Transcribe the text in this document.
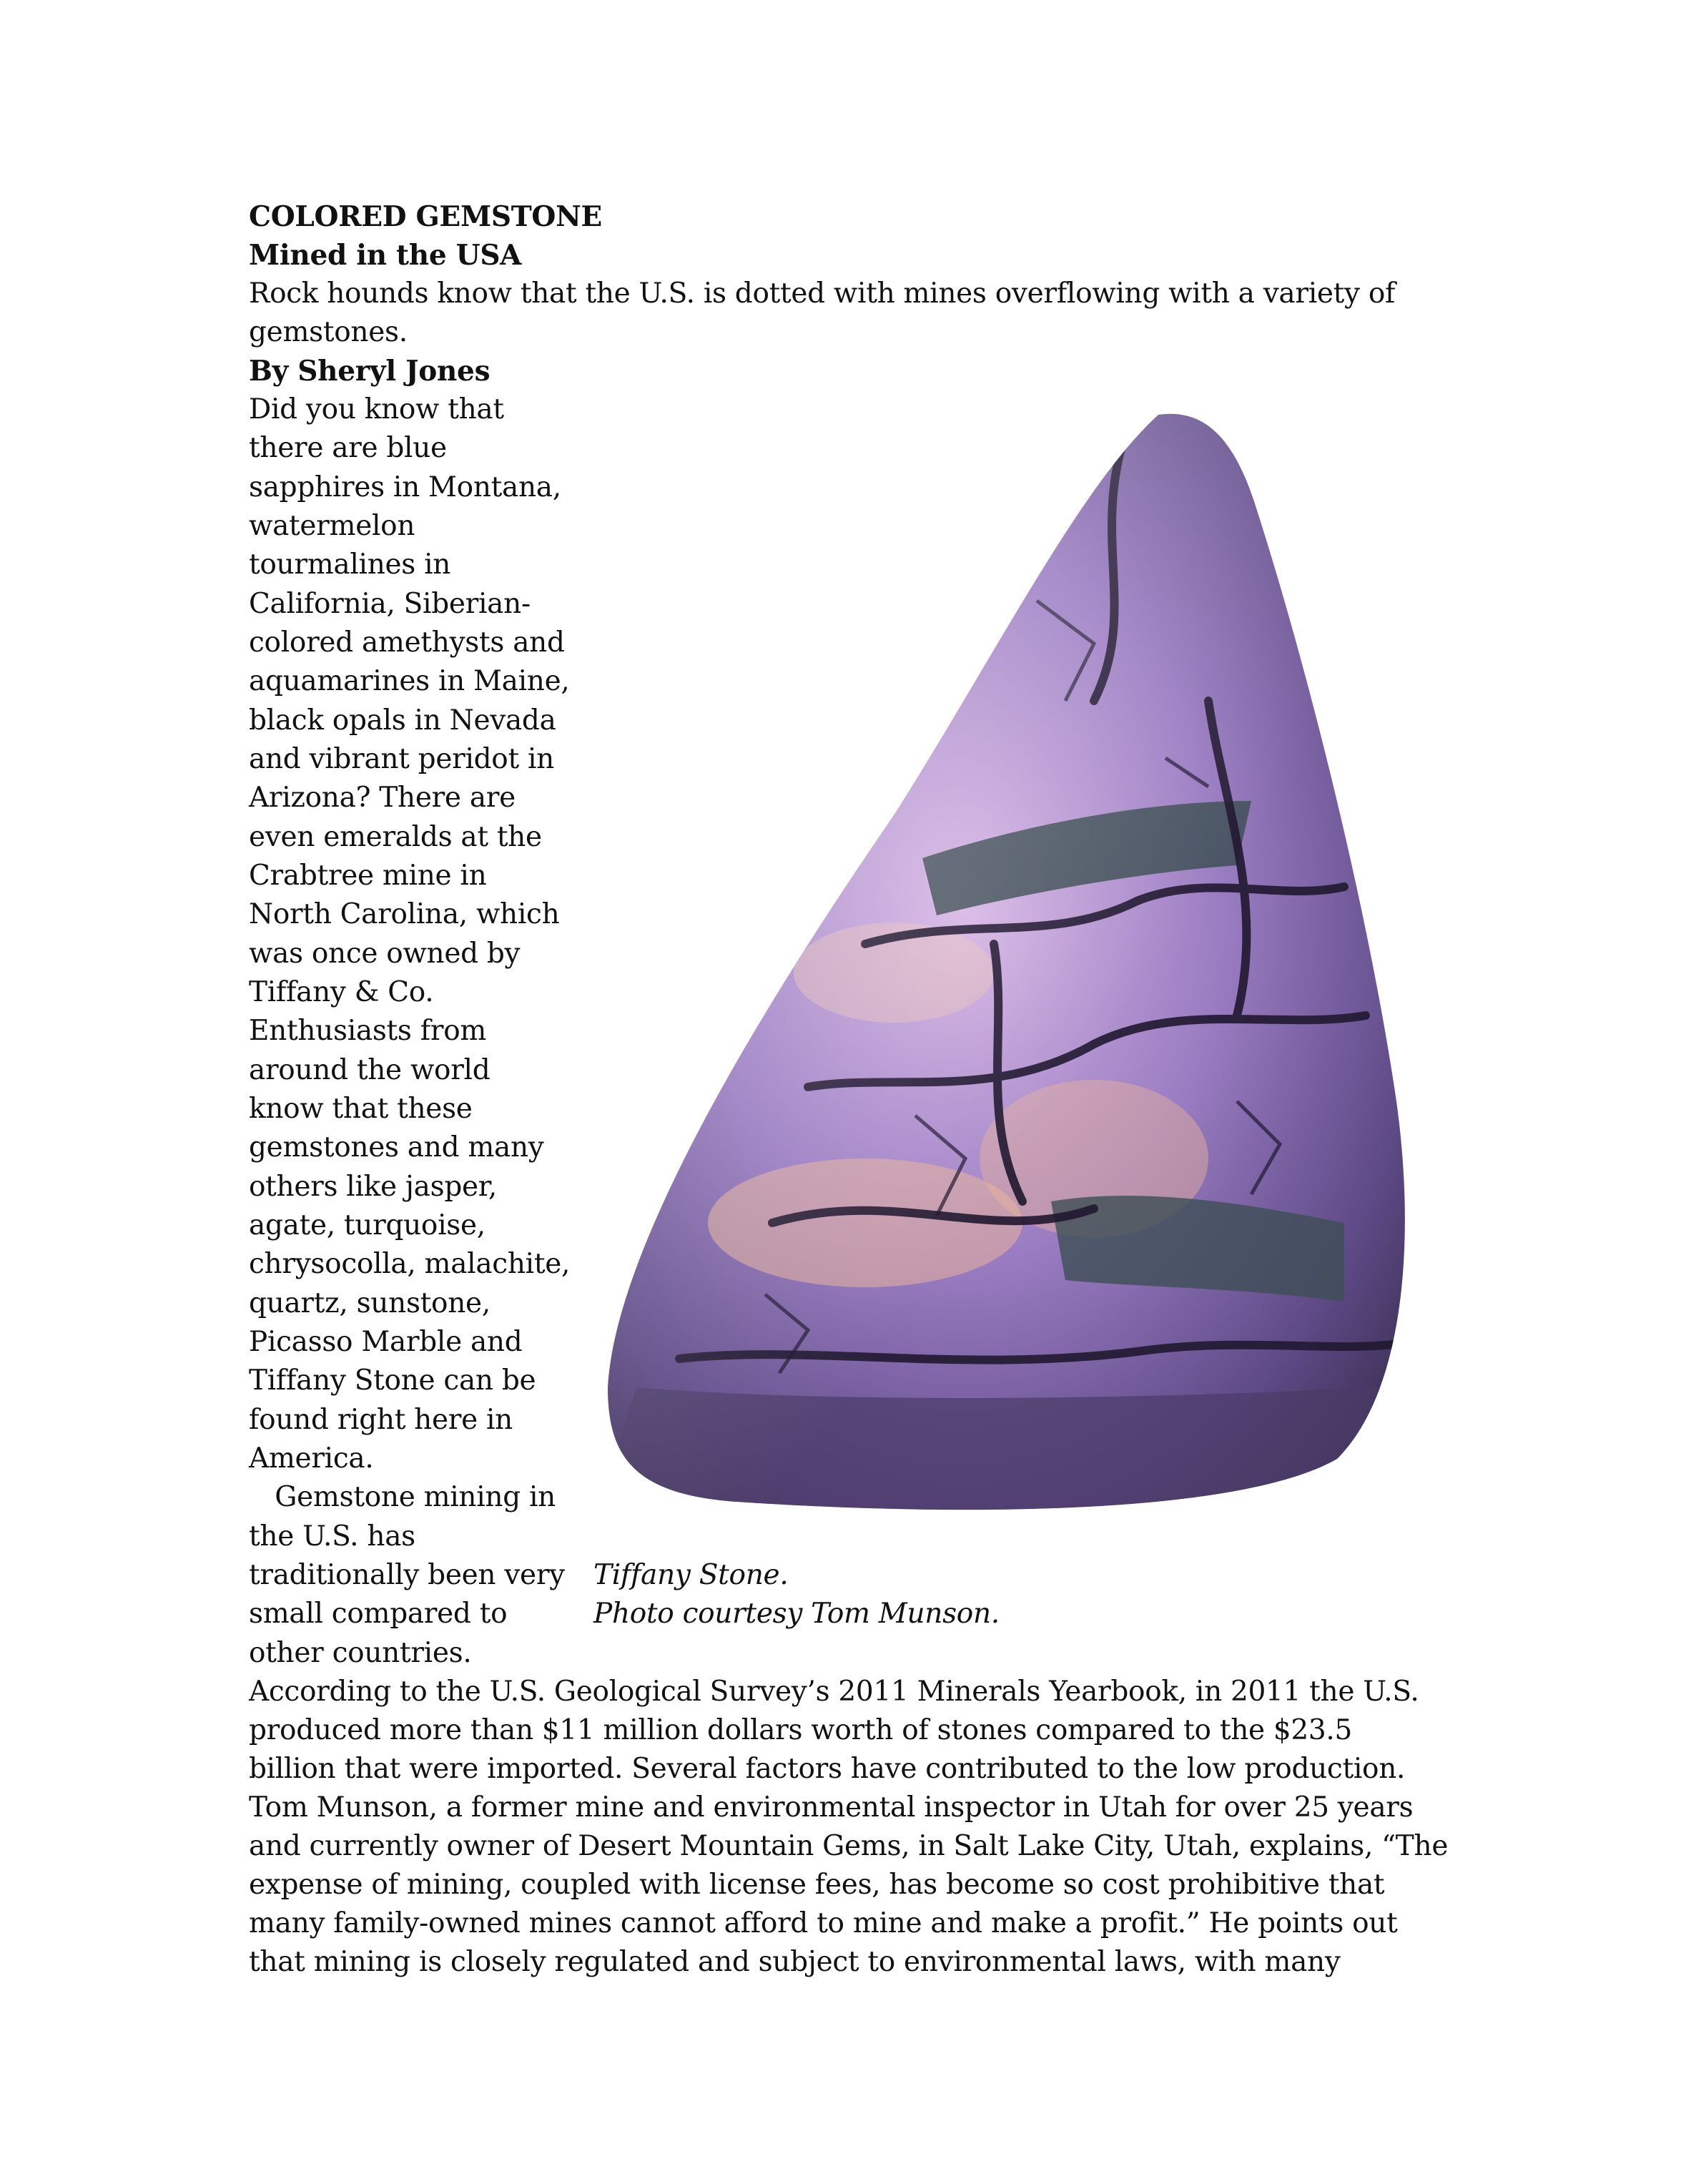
COLORED GEMSTONE
Mined in the USA
Rock hounds know that the U.S. is dotted with mines overflowing with a variety of
gemstones.
By Sheryl Jones
Did you know that
there are blue
sapphires in Montana,
watermelon
tourmalines in
California, Siberian-
colored amethysts and
aquamarines in Maine,
black opals in Nevada
and vibrant peridot in
Arizona? There are
even emeralds at the
Crabtree mine in
North Carolina, which
was once owned by
Tiffany & Co.
Enthusiasts from
around the world
know that these
gemstones and many
others like jasper,
agate, turquoise,
chrysocolla, malachite,
quartz, sunstone,
Picasso Marble and
Tiffany Stone can be
found right here in
America.
Gemstone mining in
the U.S. has
traditionally been very
small compared to
other countries.
Tiffany Stone.
Photo courtesy Tom Munson.
According to the U.S. Geological Survey’s 2011 Minerals Yearbook, in 2011 the U.S.
produced more than $11 million dollars worth of stones compared to the $23.5
billion that were imported. Several factors have contributed to the low production.
Tom Munson, a former mine and environmental inspector in Utah for over 25 years
and currently owner of Desert Mountain Gems, in Salt Lake City, Utah, explains, “The
expense of mining, coupled with license fees, has become so cost prohibitive that
many family-owned mines cannot afford to mine and make a profit.” He points out
that mining is closely regulated and subject to environmental laws, with many
